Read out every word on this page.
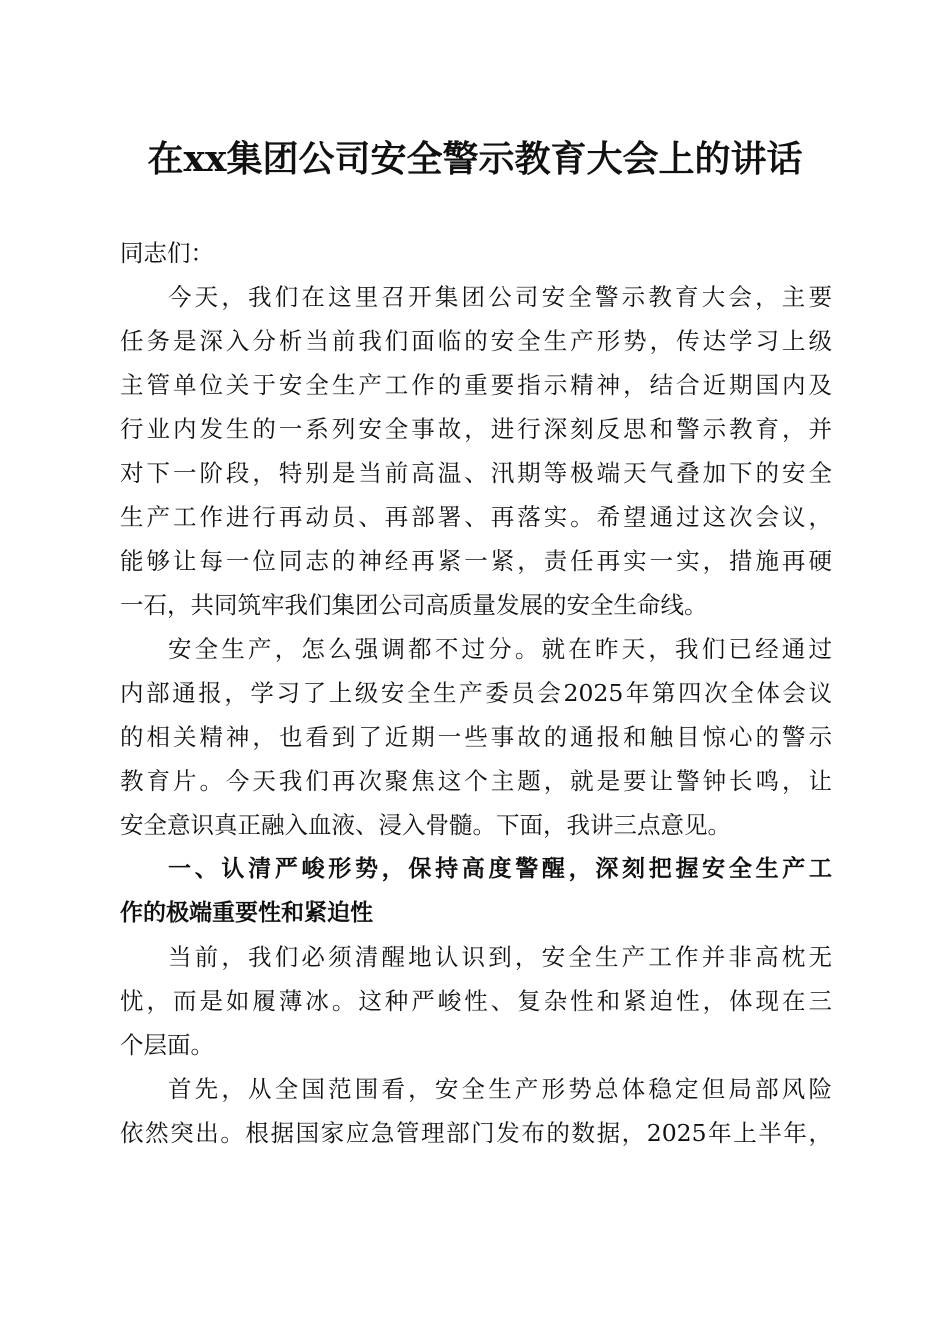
在xx集团公司安全警示教育大会上的讲话
同志们：
今天，我们在这里召开集团公司安全警示教育大会，主要
任务是深入分析当前我们面临的安全生产形势，传达学习上级
主管单位关于安全生产工作的重要指示精神，结合近期国内及
行业内发生的一系列安全事故，进行深刻反思和警示教育，并
对下一阶段，特别是当前高温、汛期等极端天气叠加下的安全
生产工作进行再动员、再部署、再落实。希望通过这次会议，
能够让每一位同志的神经再紧一紧，责任再实一实，措施再硬
一石，共同筑牢我们集团公司高质量发展的安全生命线。
安全生产，怎么强调都不过分。就在昨天，我们已经通过
内部通报，学习了上级安全生产委员会2025年第四次全体会议
的相关精神，也看到了近期一些事故的通报和触目惊心的警示
教育片。今天我们再次聚焦这个主题，就是要让警钟长鸣，让
安全意识真正融入血液、浸入骨髓。下面，我讲三点意见。
一、认清严峻形势，保持高度警醒，深刻把握安全生产工
作的极端重要性和紧迫性
当前，我们必须清醒地认识到，安全生产工作并非高枕无
忧，而是如履薄冰。这种严峻性、复杂性和紧迫性，体现在三
个层面。
首先，从全国范围看，安全生产形势总体稳定但局部风险
依然突出。根据国家应急管理部门发布的数据，2025年上半年，
